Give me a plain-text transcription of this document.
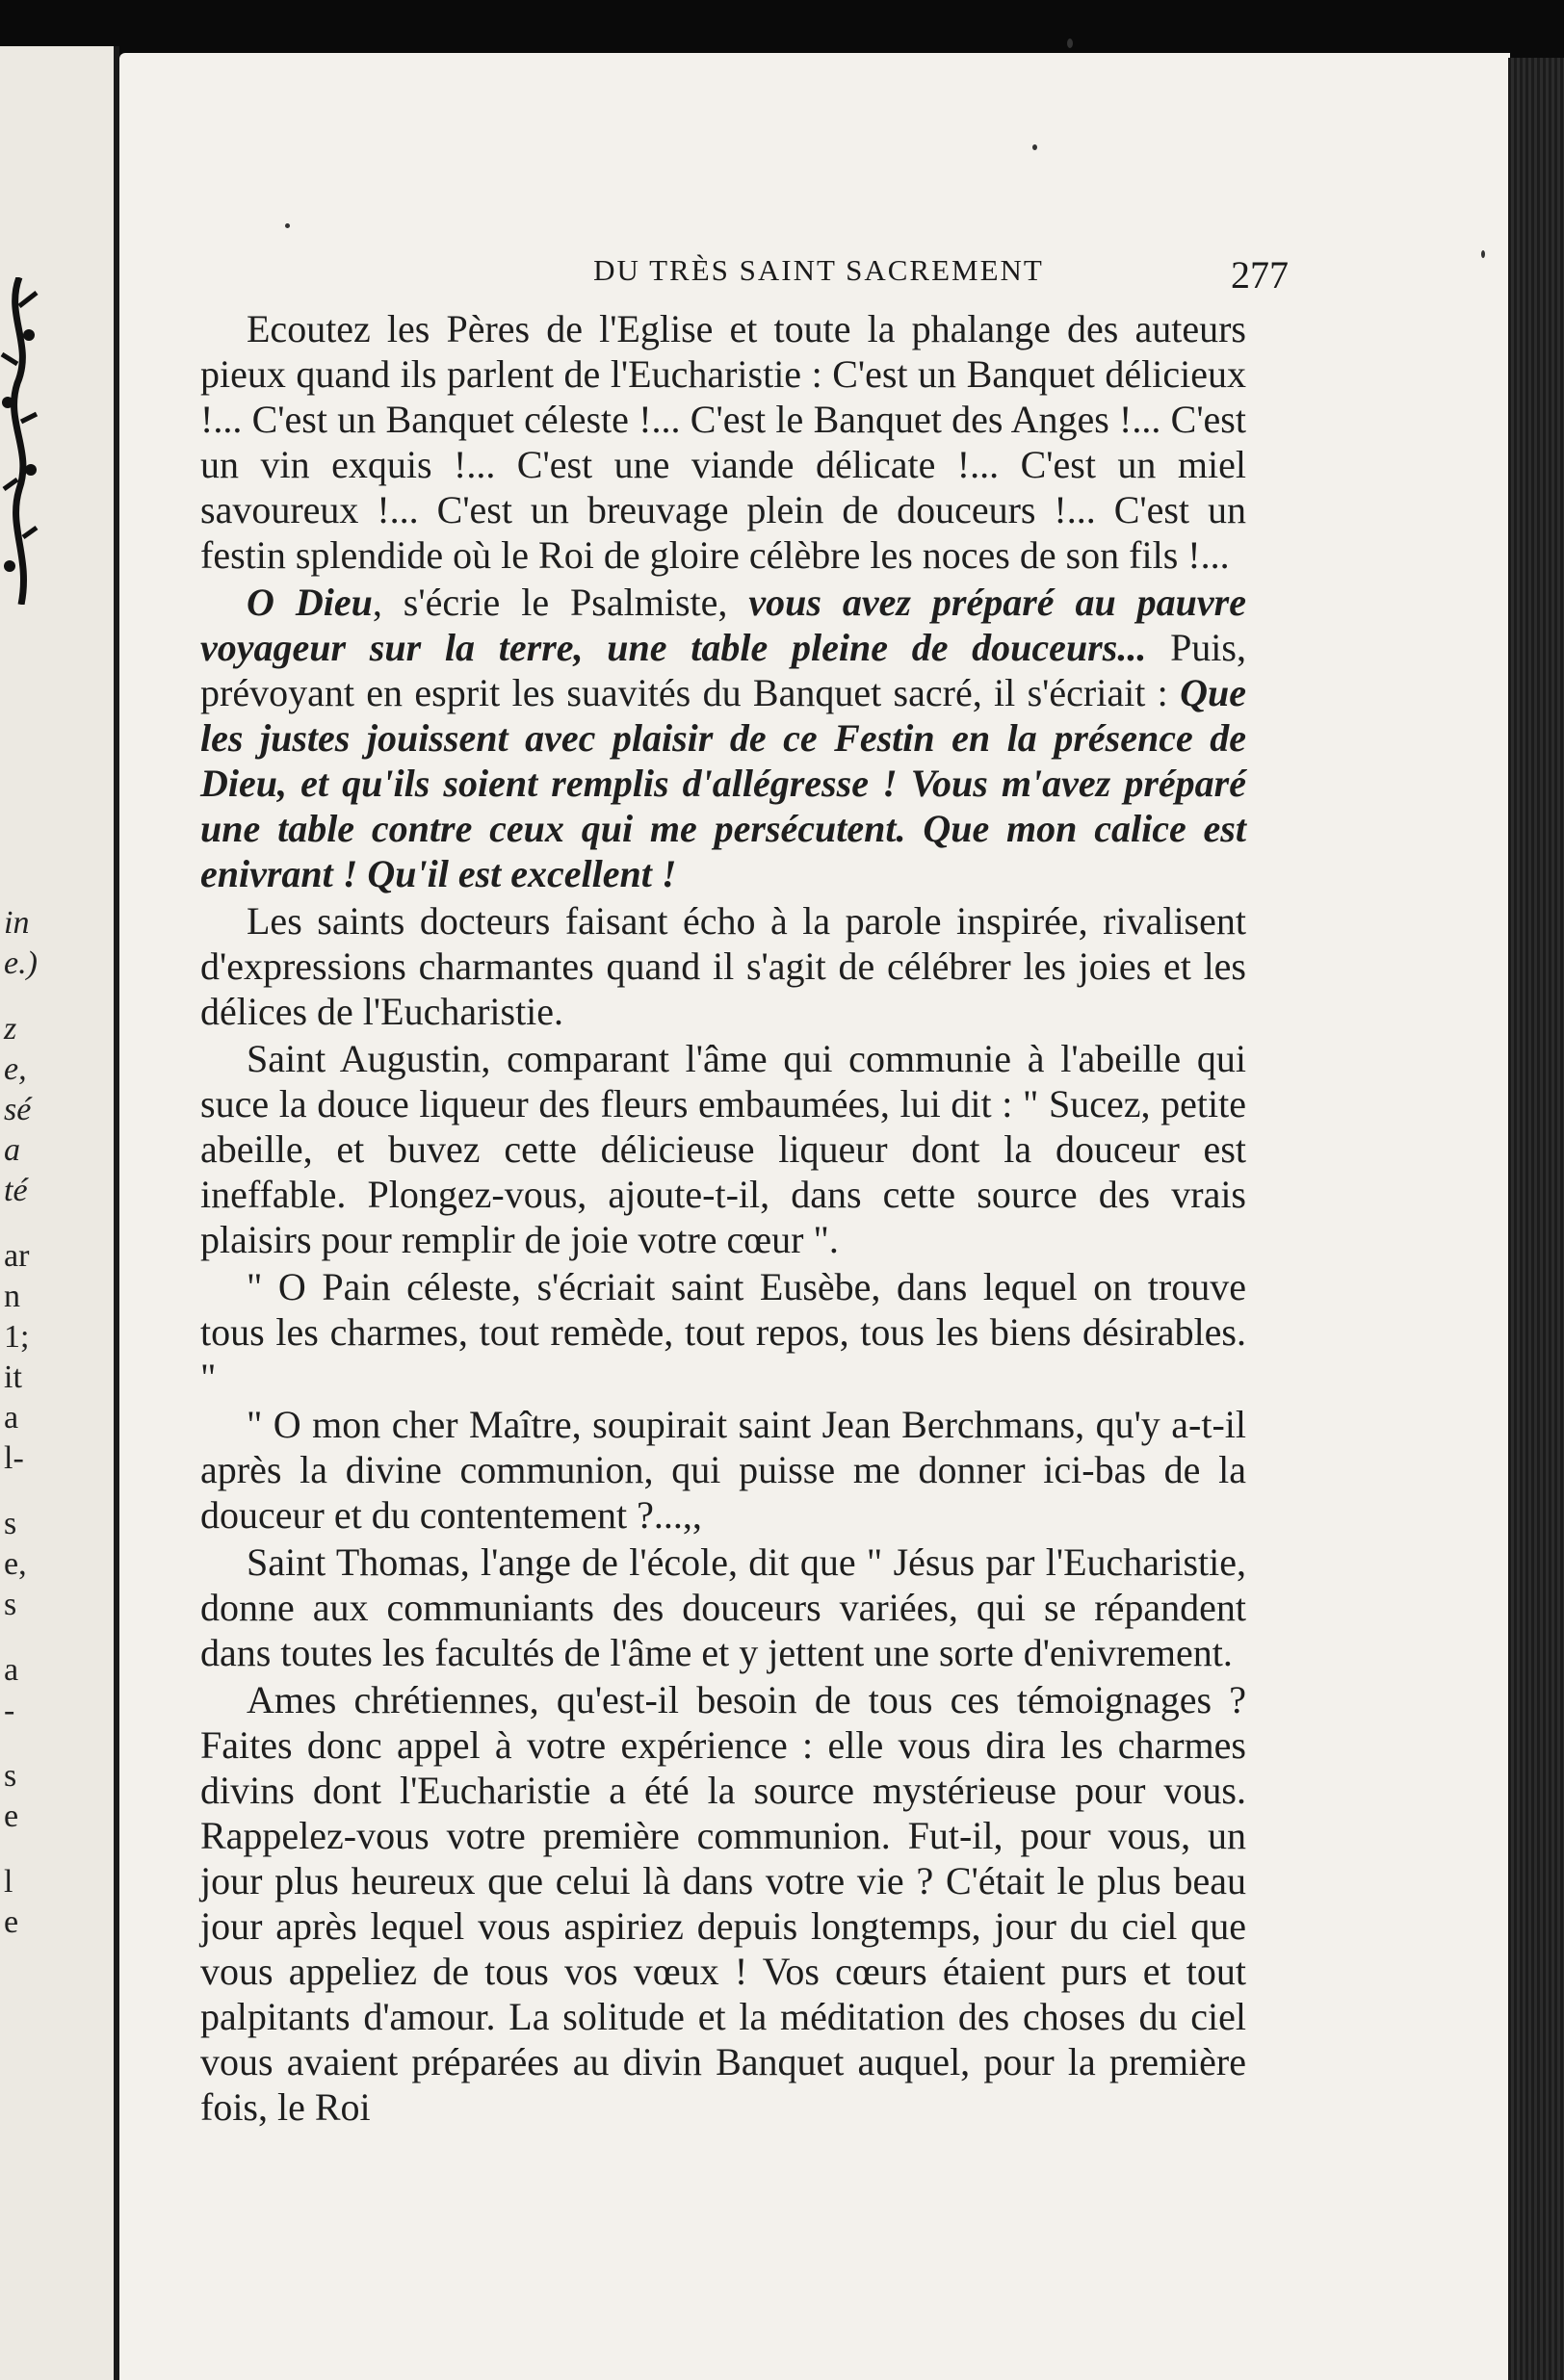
in
e.)
z
e,
sé
a
té
ar
n
1;
it
a
l-
s
e,
s
a
-
s
e
l
e
DU TRÈS SAINT SACREMENT	277

Ecoutez les Pères de l'Eglise et toute la phalange des auteurs pieux quand ils parlent de l'Eucharistie : C'est un Banquet délicieux !... C'est un Banquet céleste !... C'est le Banquet des Anges !... C'est un vin exquis !... C'est une viande délicate !... C'est un miel savoureux !... C'est un breuvage plein de douceurs !... C'est un festin splendide où le Roi de gloire célèbre les noces de son fils !...

O Dieu, s'écrie le Psalmiste, vous avez préparé au pauvre voyageur sur la terre, une table pleine de douceurs... Puis, prévoyant en esprit les suavités du Banquet sacré, il s'écriait : Que les justes jouissent avec plaisir de ce Festin en la présence de Dieu, et qu'ils soient remplis d'allégresse ! Vous m'avez préparé une table contre ceux qui me persécutent. Que mon calice est enivrant ! Qu'il est excellent !

Les saints docteurs faisant écho à la parole inspirée, rivalisent d'expressions charmantes quand il s'agit de célébrer les joies et les délices de l'Eucharistie.

Saint Augustin, comparant l'âme qui communie à l'abeille qui suce la douce liqueur des fleurs embaumées, lui dit : " Sucez, petite abeille, et buvez cette délicieuse liqueur dont la douceur est ineffable. Plongez-vous, ajoute-t-il, dans cette source des vrais plaisirs pour remplir de joie votre cœur ".

" O Pain céleste, s'écriait saint Eusèbe, dans lequel on trouve tous les charmes, tout remède, tout repos, tous les biens désirables. "

" O mon cher Maître, soupirait saint Jean Berchmans, qu'y a-t-il après la divine communion, qui puisse me donner ici-bas de la douceur et du contentement ?...,,

Saint Thomas, l'ange de l'école, dit que " Jésus par l'Eucharistie, donne aux communiants des douceurs variées, qui se répandent dans toutes les facultés de l'âme et y jettent une sorte d'enivrement.

Ames chrétiennes, qu'est-il besoin de tous ces témoignages ? Faites donc appel à votre expérience : elle vous dira les charmes divins dont l'Eucharistie a été la source mystérieuse pour vous. Rappelez-vous votre première communion. Fut-il, pour vous, un jour plus heureux que celui là dans votre vie ? C'était le plus beau jour après lequel vous aspiriez depuis longtemps, jour du ciel que vous appeliez de tous vos vœux ! Vos cœurs étaient purs et tout palpitants d'amour. La solitude et la méditation des choses du ciel vous avaient préparées au divin Banquet auquel, pour la première fois, le Roi
